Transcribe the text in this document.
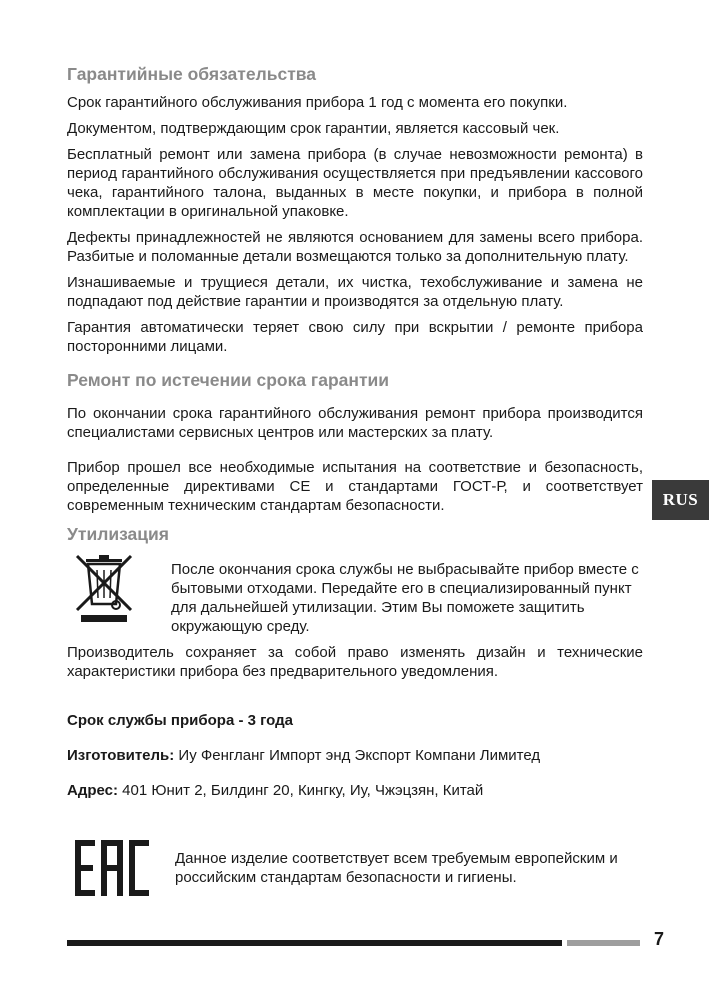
Гарантийные обязательства

Срок гарантийного обслуживания прибора 1 год с момента его покупки.

Документом, подтверждающим срок гарантии, является кассовый чек.

Бесплатный ремонт или замена прибора (в случае невозможности ремонта) в период гарантийного обслуживания осуществляется при предъявлении кассового чека, гарантийного талона, выданных в месте покупки, и прибора в полной комплектации в оригинальной упаковке.

Дефекты принадлежностей не являются основанием для замены всего прибора. Разбитые и поломанные детали возмещаются только за дополнительную плату.

Изнашиваемые и трущиеся детали, их чистка, техобслуживание и замена не подпадают под действие гарантии и производятся за отдельную плату.

Гарантия автоматически теряет свою силу при вскрытии / ремонте прибора посторонними лицами.

Ремонт по истечении срока гарантии

По окончании срока гарантийного обслуживания ремонт прибора производится специалистами сервисных центров или мастерских за плату.

Прибор прошел все необходимые испытания на соответствие и безопасность, определенные директивами CE и стандартами ГОСТ-Р, и соответствует современным техническим стандартам безопасности.

Утилизация

После окончания срока службы не выбрасывайте прибор вместе с бытовыми отходами. Передайте его в специализированный пункт для дальнейшей утилизации. Этим Вы поможете защитить окружающую среду.

Производитель сохраняет за собой право изменять дизайн и технические характеристики прибора без предварительного уведомления.

Срок службы прибора - 3 года
Изготовитель: Иу Фенгланг Импорт энд Экспорт Компани Лимитед
Адрес: 401 Юнит 2, Билдинг 20, Кингку, Иу, Чжэцзян, Китай

Данное изделие соответствует всем требуемым европейским и российским стандартам безопасности и гигиены.

RUS
7
